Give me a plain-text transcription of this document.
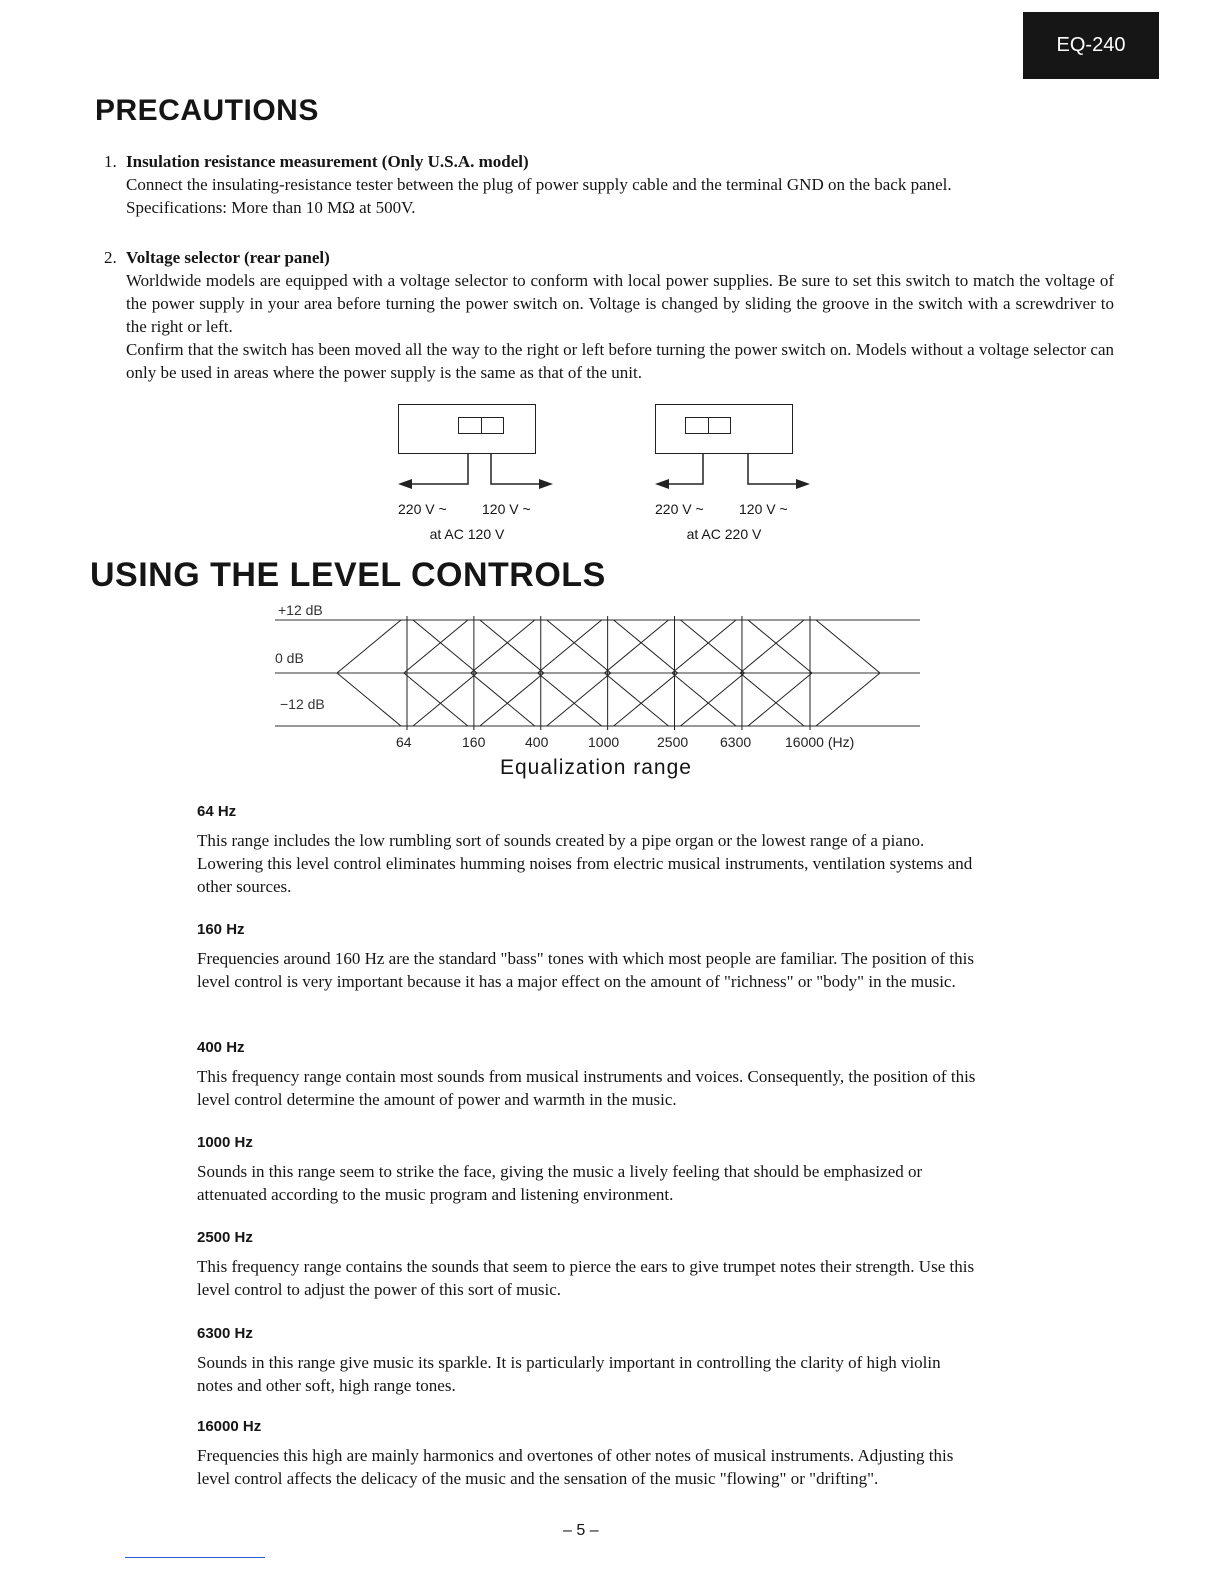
EQ-240
PRECAUTIONS
1. Insulation resistance measurement (Only U.S.A. model)

Connect the insulating-resistance tester between the plug of power supply cable and the terminal GND on the back panel.

Specifications: More than 10 MΩ at 500V.

2. Voltage selector (rear panel)

Worldwide models are equipped with a voltage selector to conform with local power supplies. Be sure to set this switch to match the voltage of the power supply in your area before turning the power switch on. Voltage is changed by sliding the groove in the switch with a screwdriver to the right or left.

Confirm that the switch has been moved all the way to the right or left before turning the power switch on. Models without a voltage selector can only be used in areas where the power supply is the same as that of the unit.

220 V ~	120 V ~
at AC 120 V
220 V ~	120 V ~
at AC 220 V
USING THE LEVEL CONTROLS
+12 dB
0 dB
−12 dB
64	160	400	1000	2500 6300 16000 (Hz)
Equalization range
64 Hz

This range includes the low rumbling sort of sounds created by a pipe organ or the lowest range of a piano. Lowering this level control eliminates humming noises from electric musical instruments, ventilation systems and other sources.

160 Hz

Frequencies around 160 Hz are the standard "bass" tones with which most people are familiar. The position of this level control is very important because it has a major effect on the amount of "richness" or "body" in the music.

400 Hz

This frequency range contain most sounds from musical instruments and voices. Consequently, the position of this level control determine the amount of power and warmth in the music.

1000 Hz

Sounds in this range seem to strike the face, giving the music a lively feeling that should be emphasized or attenuated according to the music program and listening environment.

2500 Hz

This frequency range contains the sounds that seem to pierce the ears to give trumpet notes their strength. Use this level control to adjust the power of this sort of music.

6300 Hz

Sounds in this range give music its sparkle. It is particularly important in controlling the clarity of high violin notes and other soft, high range tones.

16000 Hz

Frequencies this high are mainly harmonics and overtones of other notes of musical instruments. Adjusting this level control affects the delicacy of the music and the sensation of the music "flowing" or "drifting".

– 5 –
